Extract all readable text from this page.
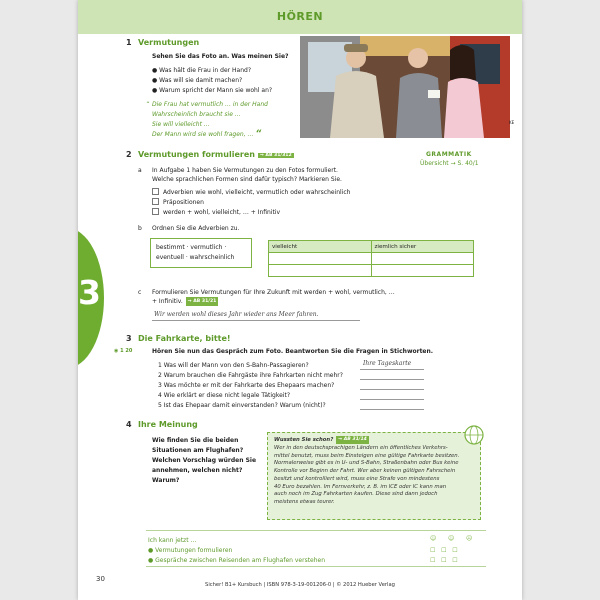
HÖREN
3
1 Vermutungen
Sehen Sie das Foto an. Was meinen Sie?
● Was hält die Frau in der Hand?
● Was will sie damit machen?
● Warum spricht der Mann sie wohl an?
“ Die Frau hat vermutlich … in der Hand
Wahrscheinlich braucht sie …
Sie will vielleicht …
Der Mann wird sie wohl fragen, … “
KE
2 Vermutungen formulieren → AB 31/312	GRAMMATIK
Übersicht → S. 40/1
a In Aufgabe 1 haben Sie Vermutungen zu den Fotos formuliert.
Welche sprachlichen Formen sind dafür typisch? Markieren Sie.
Adverbien wie wohl, vielleicht, vermutlich oder wahrscheinlich
Präpositionen
werden + wohl, vielleicht, … + Infinitiv
b Ordnen Sie die Adverbien zu.
bestimmt · vermutlich ·
eventuell · wahrscheinlich
vielleicht	ziemlich sicher

c Formulieren Sie Vermutungen für Ihre Zukunft mit werden + wohl, vermutlich, …
+ Infinitiv. → AB 31/21
Wir werden wohl dieses Jahr wieder ans Meer fahren.
3 Die Fahrkarte, bitte!
◉ 1 20	Hören Sie nun das Gespräch zum Foto. Beantworten Sie die Fragen in Stichworten.
1 Was will der Mann von den S-Bahn-Passagieren?
2 Warum brauchen die Fahrgäste ihre Fahrkarten nicht mehr?
3 Was möchte er mit der Fahrkarte des Ehepaars machen?
4 Wie erklärt er diese nicht legale Tätigkeit?
5 Ist das Ehepaar damit einverstanden? Warum (nicht)?
Ihre Tageskarte
4 Ihre Meinung
Wie finden Sie die beiden
Situationen am Flughafen?
Welchen Vorschlag würden Sie
annehmen, welchen nicht?
Warum?
Wussten Sie schon? → AB 31/14
Wer in den deutschsprachigen Ländern ein öffentliches Verkehrs-
mittel benutzt, muss beim Einsteigen eine gültige Fahrkarte besitzen.
Normalerweise gibt es in U- und S-Bahn, Straßenbahn oder Bus keine
Kontrolle vor Beginn der Fahrt. Wer aber keinen gültigen Fahrschein
besitzt und kontrolliert wird, muss eine Strafe von mindestens
40 Euro bezahlen. Im Fernverkehr, z. B. im ICE oder IC kann man
auch noch im Zug Fahrkarten kaufen. Diese sind dann jedoch
meistens etwas teurer.
Ich kann jetzt …
● Vermutungen formulieren
● Gespräche zwischen Reisenden am Flughafen verstehen
☺ ☺ ☹
☐   ☐   ☐
☐   ☐   ☐
30
Sicher! B1+ Kursbuch | ISBN 978-3-19-001206-0 | © 2012 Hueber Verlag
